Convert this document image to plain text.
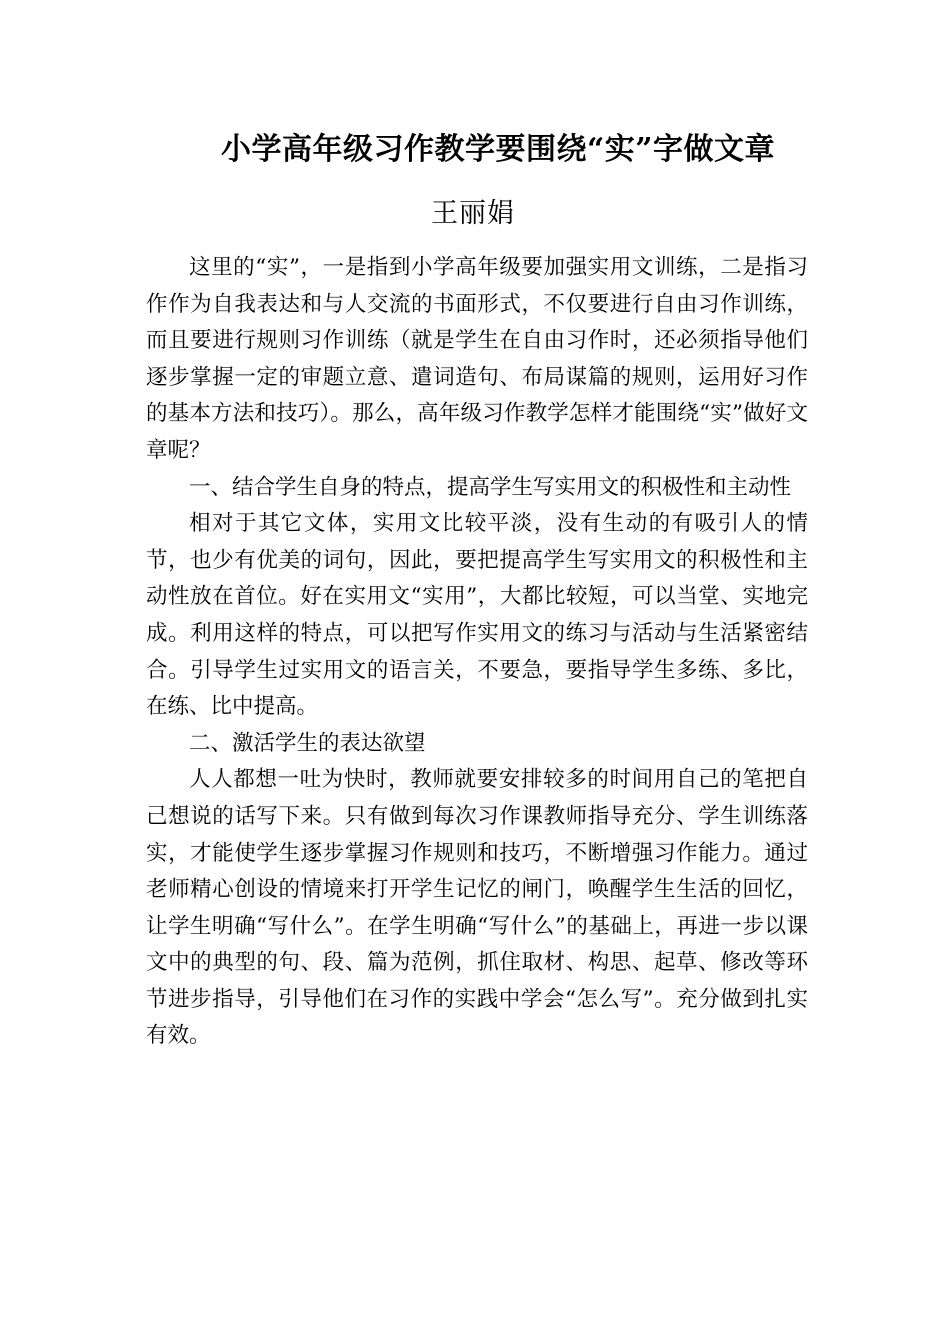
小学高年级习作教学要围绕“实”字做文章
王丽娟

这里的“实”，一是指到小学高年级要加强实用文训练，二是指习作作为自我表达和与人交流的书面形式，不仅要进行自由习作训练，而且要进行规则习作训练（就是学生在自由习作时，还必须指导他们逐步掌握一定的审题立意、遣词造句、布局谋篇的规则，运用好习作的基本方法和技巧）。那么，高年级习作教学怎样才能围绕“实”做好文章呢？

一、结合学生自身的特点，提高学生写实用文的积极性和主动性

相对于其它文体，实用文比较平淡，没有生动的有吸引人的情节，也少有优美的词句，因此，要把提高学生写实用文的积极性和主动性放在首位。好在实用文“实用”，大都比较短，可以当堂、实地完成。利用这样的特点，可以把写作实用文的练习与活动与生活紧密结合。引导学生过实用文的语言关，不要急，要指导学生多练、多比，在练、比中提高。

二、激活学生的表达欲望

人人都想一吐为快时，教师就要安排较多的时间用自己的笔把自己想说的话写下来。只有做到每次习作课教师指导充分、学生训练落实，才能使学生逐步掌握习作规则和技巧，不断增强习作能力。通过老师精心创设的情境来打开学生记忆的闸门，唤醒学生生活的回忆，让学生明确“写什么”。在学生明确“写什么”的基础上，再进一步以课文中的典型的句、段、篇为范例，抓住取材、构思、起草、修改等环节进步指导，引导他们在习作的实践中学会“怎么写”。充分做到扎实有效。
